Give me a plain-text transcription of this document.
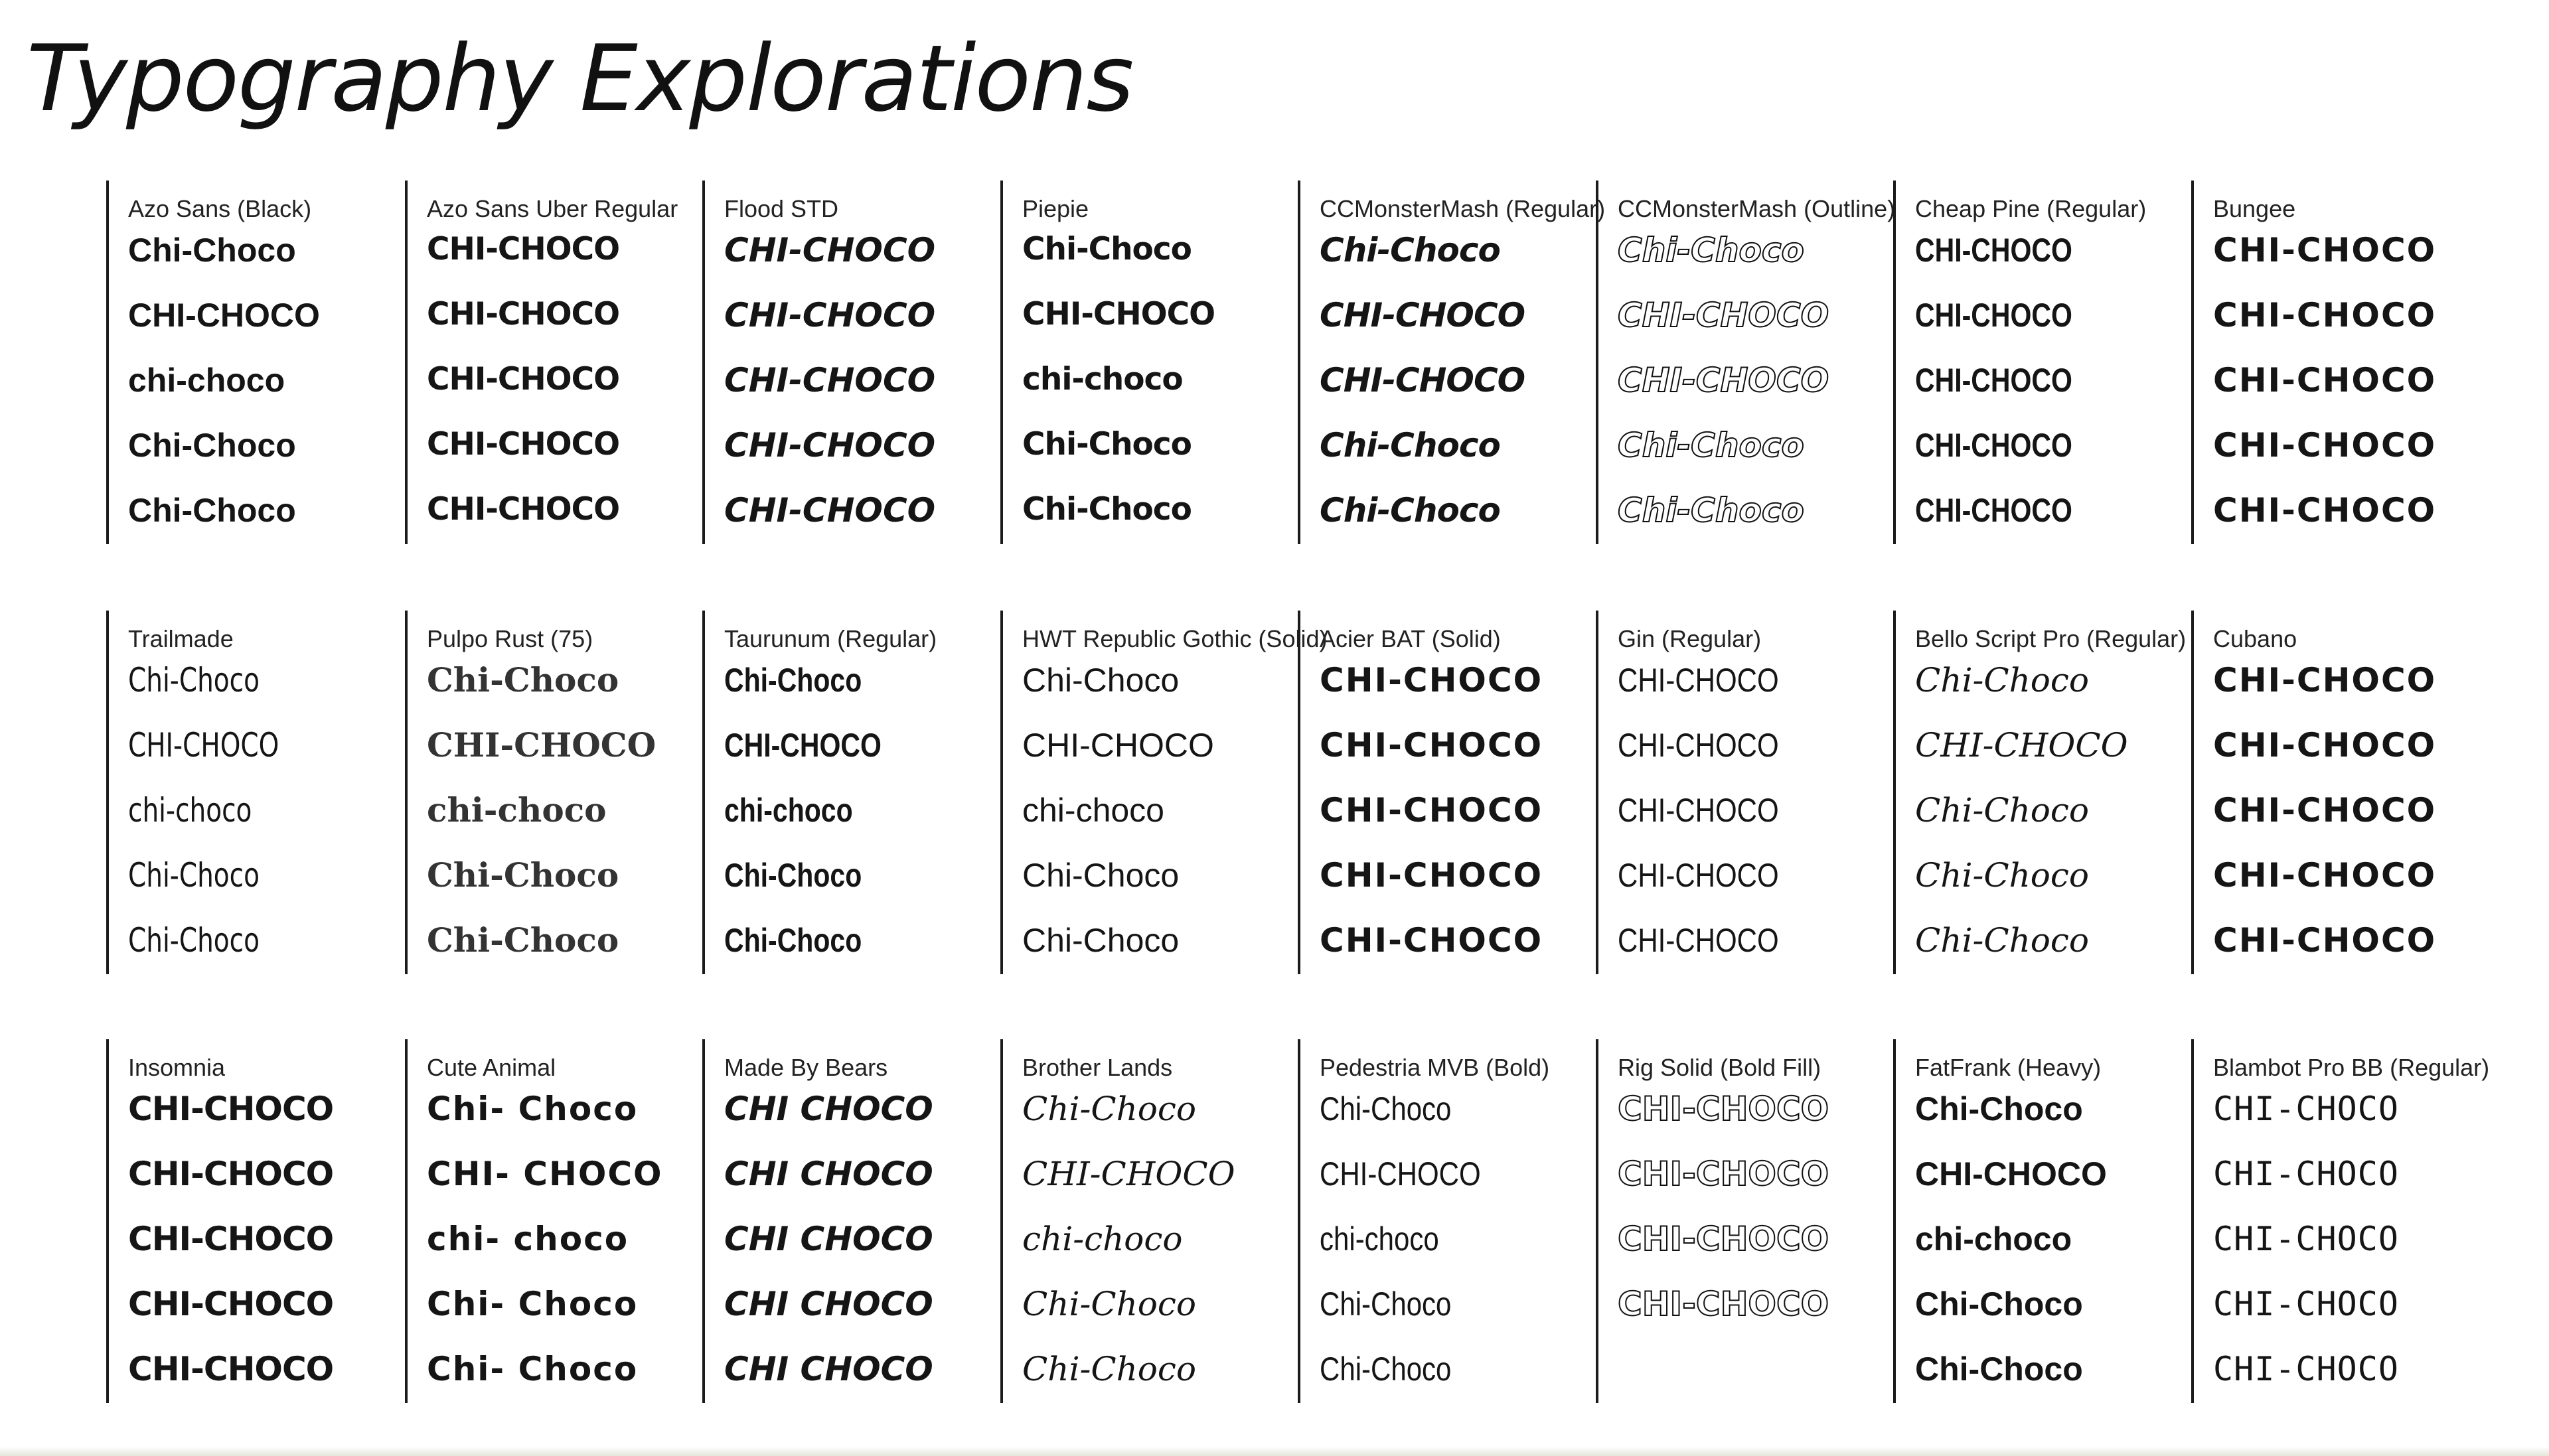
Typography Explorations
Azo Sans (Black)
Chi-Choco
CHI-CHOCO
chi-choco
Chi-Choco
Chi-Choco
Azo Sans Uber Regular
CHI-CHOCO
CHI-CHOCO
CHI-CHOCO
CHI-CHOCO
CHI-CHOCO
Flood STD
CHI-CHOCO
CHI-CHOCO
CHI-CHOCO
CHI-CHOCO
CHI-CHOCO
Piepie
Chi-Choco
CHI-CHOCO
chi-choco
Chi-Choco
Chi-Choco
CCMonsterMash (Regular)
Chi-Choco
CHI-CHOCO
CHI-CHOCO
Chi-Choco
Chi-Choco
CCMonsterMash (Outline)
Chi-Choco
CHI-CHOCO
CHI-CHOCO
Chi-Choco
Chi-Choco
Cheap Pine (Regular)
CHI-CHOCO
CHI-CHOCO
CHI-CHOCO
CHI-CHOCO
CHI-CHOCO
Bungee
CHI-CHOCO
CHI-CHOCO
CHI-CHOCO
CHI-CHOCO
CHI-CHOCO
Trailmade
Chi-Choco
CHI-CHOCO
chi-choco
Chi-Choco
Chi-Choco
Pulpo Rust (75)
Chi-Choco
CHI-CHOCO
chi-choco
Chi-Choco
Chi-Choco
Taurunum (Regular)
Chi-Choco
CHI-CHOCO
chi-choco
Chi-Choco
Chi-Choco
HWT Republic Gothic (Solid)
Chi-Choco
CHI-CHOCO
chi-choco
Chi-Choco
Chi-Choco
Acier BAT (Solid)
CHI-CHOCO
CHI-CHOCO
CHI-CHOCO
CHI-CHOCO
CHI-CHOCO
Gin (Regular)
CHI-CHOCO
CHI-CHOCO
CHI-CHOCO
CHI-CHOCO
CHI-CHOCO
Bello Script Pro (Regular)
Chi-Choco
CHI-CHOCO
Chi-Choco
Chi-Choco
Chi-Choco
Cubano
CHI-CHOCO
CHI-CHOCO
CHI-CHOCO
CHI-CHOCO
CHI-CHOCO
Insomnia
CHI-CHOCO
CHI-CHOCO
CHI-CHOCO
CHI-CHOCO
CHI-CHOCO
Cute Animal
Chi- Choco
CHI- CHOCO
chi- choco
Chi- Choco
Chi- Choco
Made By Bears
CHI CHOCO
CHI CHOCO
CHI CHOCO
CHI CHOCO
CHI CHOCO
Brother Lands
Chi-Choco
CHI-CHOCO
chi-choco
Chi-Choco
Chi-Choco
Pedestria MVB (Bold)
Chi-Choco
CHI-CHOCO
chi-choco
Chi-Choco
Chi-Choco
Rig Solid (Bold Fill)
CHI-CHOCO
CHI-CHOCO
CHI-CHOCO
CHI-CHOCO
FatFrank (Heavy)
Chi-Choco
CHI-CHOCO
chi-choco
Chi-Choco
Chi-Choco
Blambot Pro BB (Regular)
CHI-CHOCO
CHI-CHOCO
CHI-CHOCO
CHI-CHOCO
CHI-CHOCO
